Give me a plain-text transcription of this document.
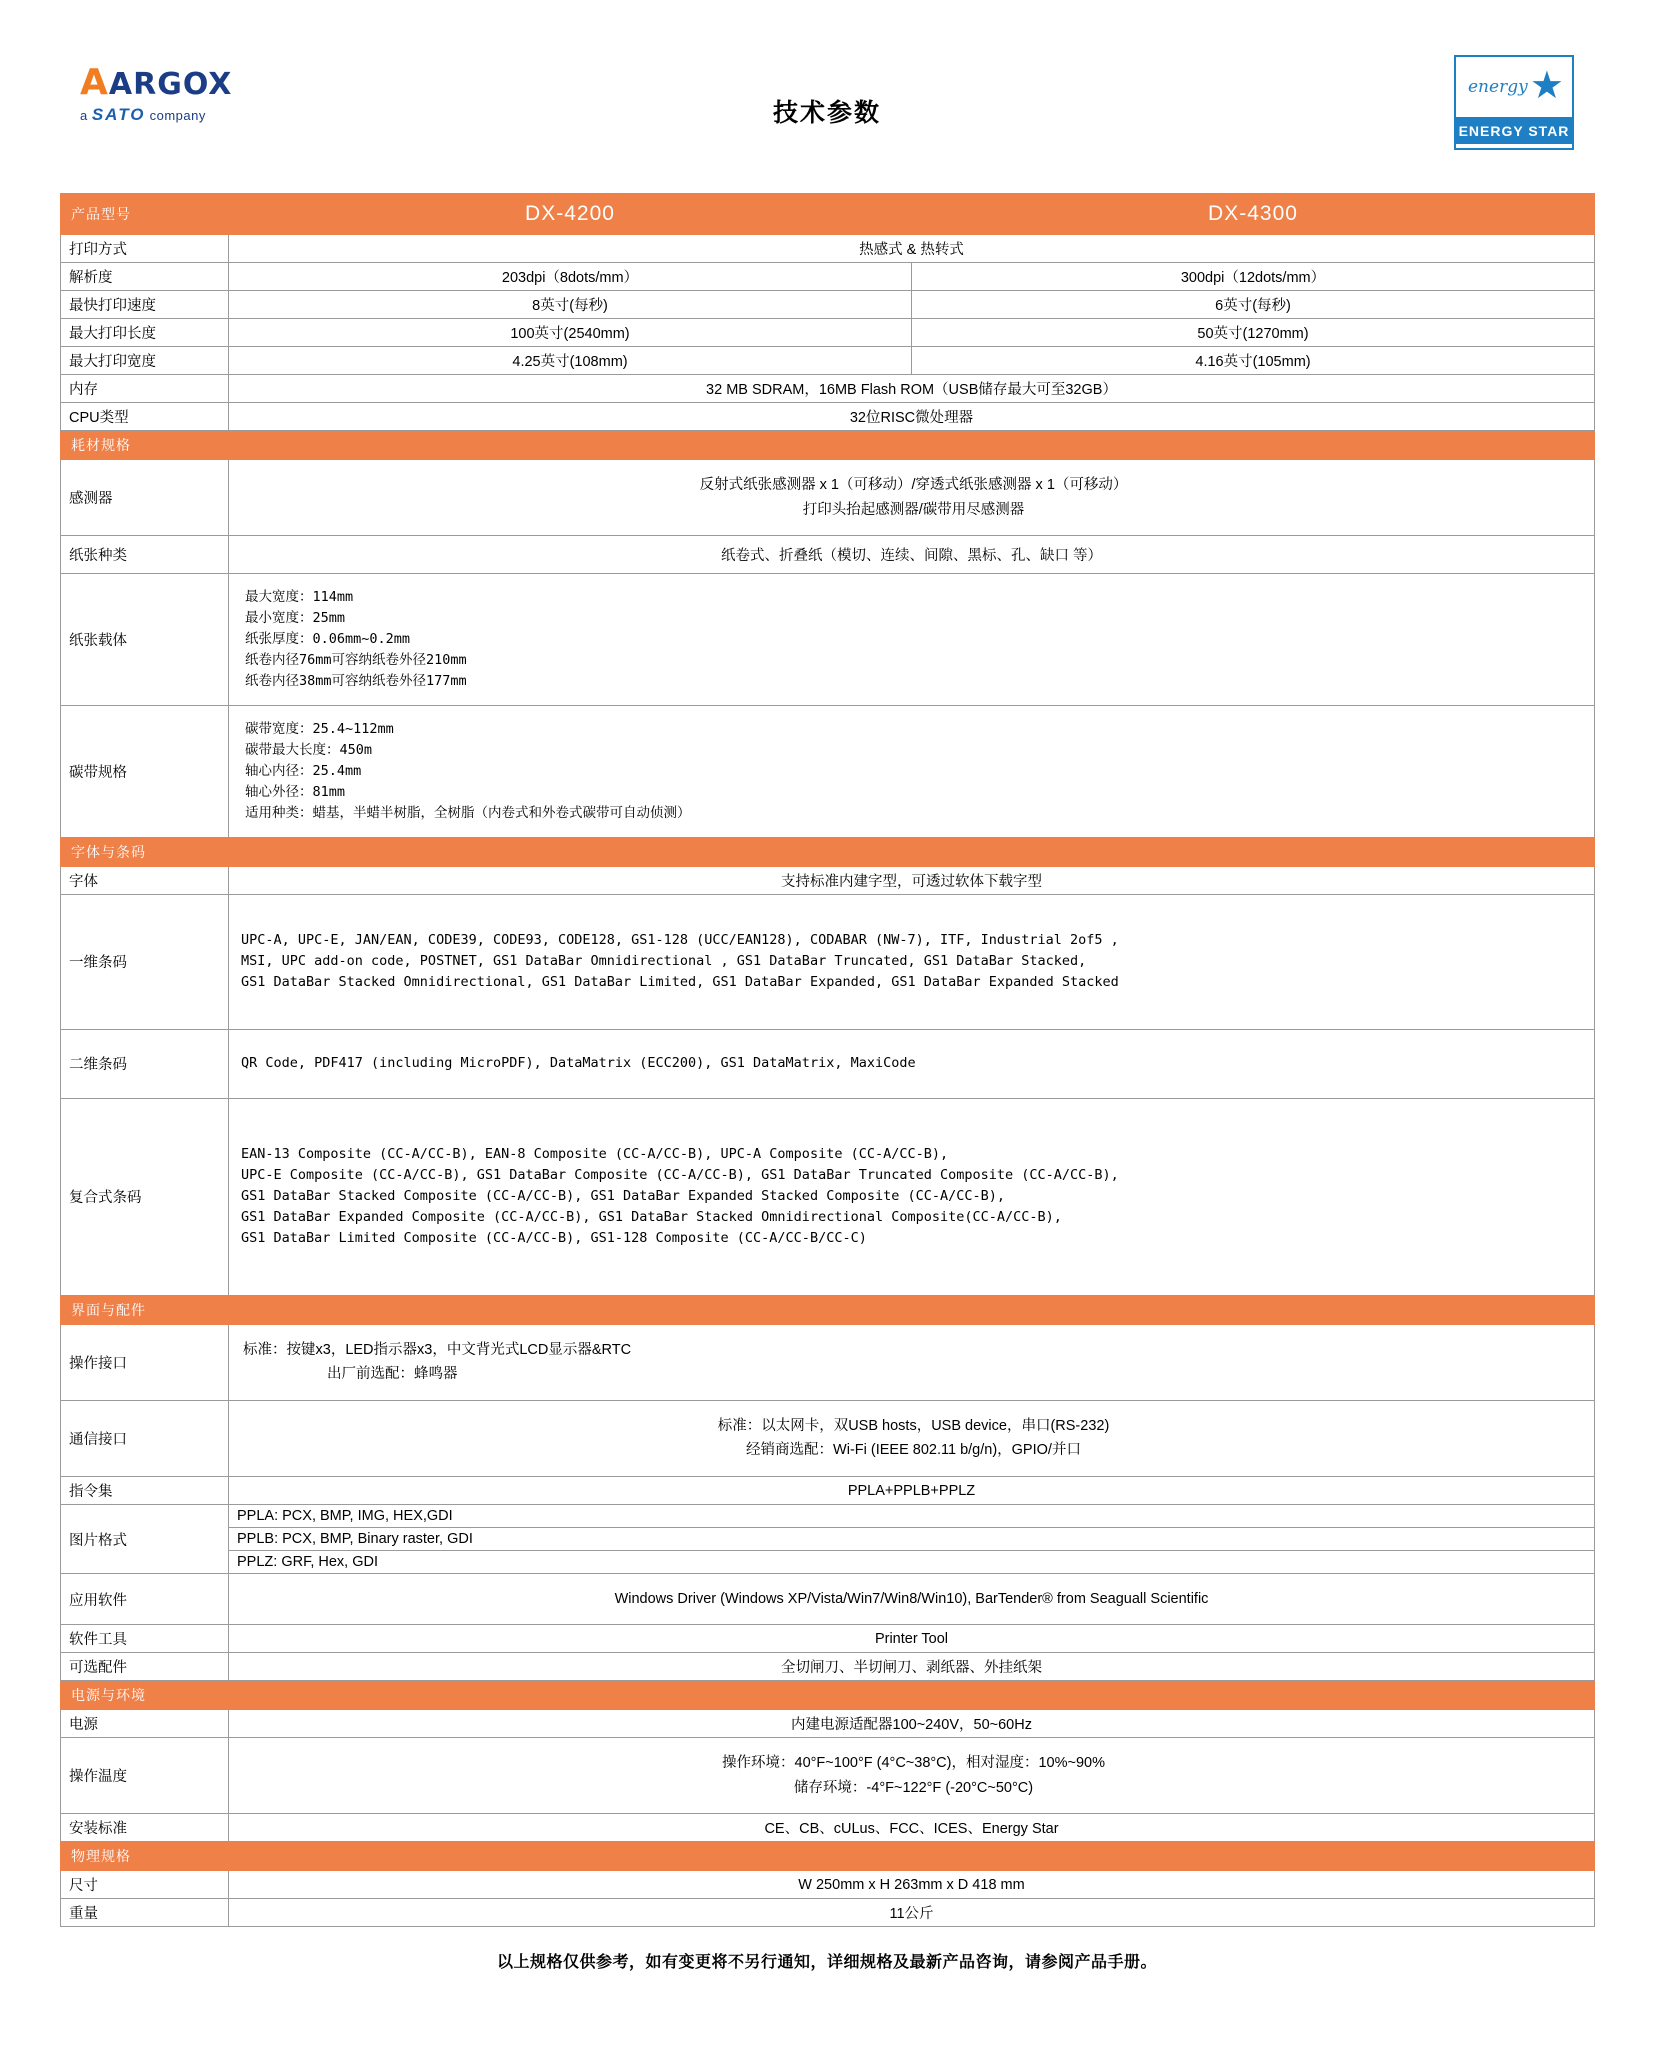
AARGOX
a SATO company	技术参数
energy ★
ENERGY STAR
产品型号	DX-4200	DX-4300
打印方式	热感式 & 热转式	
解析度	203dpi（8dots/mm）	300dpi（12dots/mm）
最快打印速度	8英寸(每秒)	6英寸(每秒)
最大打印长度	100英寸(2540mm)	50英寸(1270mm)
最大打印宽度	4.25英寸(108mm)	4.16英寸(105mm)
内存	32 MB SDRAM，16MB Flash ROM（USB储存最大可至32GB）	
CPU类型	32位RISC微处理器	
耗材规格		
感测器	反射式纸张感测器 x 1（可移动）/穿透式纸张感测器 x 1（可移动）
打印头抬起感测器/碳带用尽感测器	

纸张种类	纸卷式、折叠纸（模切、连续、间隙、黑标、孔、缺口 等）	
纸张载体	最大宽度：114mm
最小宽度：25mm
纸张厚度：0.06mm~0.2mm
纸卷内径76mm可容纳纸卷外径210mm
纸卷内径38mm可容纳纸卷外径177mm	

碳带规格	碳带宽度：25.4~112mm
碳带最大长度：450m
轴心内径：25.4mm
轴心外径：81mm
适用种类：蜡基，半蜡半树脂，全树脂（内卷式和外卷式碳带可自动侦测）	

字体与条码		
字体	支持标准内建字型，可透过软体下载字型	
一维条码	UPC-A, UPC-E, JAN/EAN, CODE39, CODE93, CODE128, GS1-128 (UCC/EAN128), CODABAR (NW-7), ITF, Industrial 2of5 ,
MSI, UPC add-on code, POSTNET, GS1 DataBar Omnidirectional , GS1 DataBar Truncated, GS1 DataBar Stacked,
GS1 DataBar Stacked Omnidirectional, GS1 DataBar Limited, GS1 DataBar Expanded, GS1 DataBar Expanded Stacked	

二维条码	QR Code, PDF417 (including MicroPDF), DataMatrix (ECC200), GS1 DataMatrix, MaxiCode	

复合式条码	EAN-13 Composite (CC-A/CC-B), EAN-8 Composite (CC-A/CC-B), UPC-A Composite (CC-A/CC-B),
UPC-E Composite (CC-A/CC-B), GS1 DataBar Composite (CC-A/CC-B), GS1 DataBar Truncated Composite (CC-A/CC-B),
GS1 DataBar Stacked Composite (CC-A/CC-B), GS1 DataBar Expanded Stacked Composite (CC-A/CC-B),
GS1 DataBar Expanded Composite (CC-A/CC-B), GS1 DataBar Stacked Omnidirectional Composite(CC-A/CC-B),
GS1 DataBar Limited Composite (CC-A/CC-B), GS1-128 Composite (CC-A/CC-B/CC-C)	

界面与配件		
操作接口	标准：按键x3，LED指示器x3，中文背光式LCD显示器&RTC
出厂前选配：蜂鸣器	

通信接口	标准：以太网卡，双USB hosts，USB device，串口(RS-232)
经销商选配：Wi-Fi (IEEE 802.11 b/g/n)，GPIO/并口	

指令集	PPLA+PPLB+PPLZ	
图片格式	PPLA: PCX, BMP, IMG, HEX,GDI	
	PPLB: PCX, BMP, Binary raster, GDI	
	PPLZ: GRF, Hex, GDI	
应用软件	Windows Driver (Windows XP/Vista/Win7/Win8/Win10), BarTender® from Seaguall Scientific	
软件工具	Printer Tool	
可选配件	全切闸刀、半切闸刀、剥纸器、外挂纸架	
电源与环境		
电源	内建电源适配器100~240V，50~60Hz	
操作温度	操作环境：40°F~100°F (4°C~38°C)，相对湿度：10%~90%
储存环境：-4°F~122°F (-20°C~50°C)	

安装标准	CE、CB、cULus、FCC、ICES、Energy Star	
物理规格		
尺寸	W 250mm x H 263mm x D 418 mm	
重量	11公斤	
以上规格仅供参考，如有变更将不另行通知，详细规格及最新产品咨询，请参阅产品手册。
